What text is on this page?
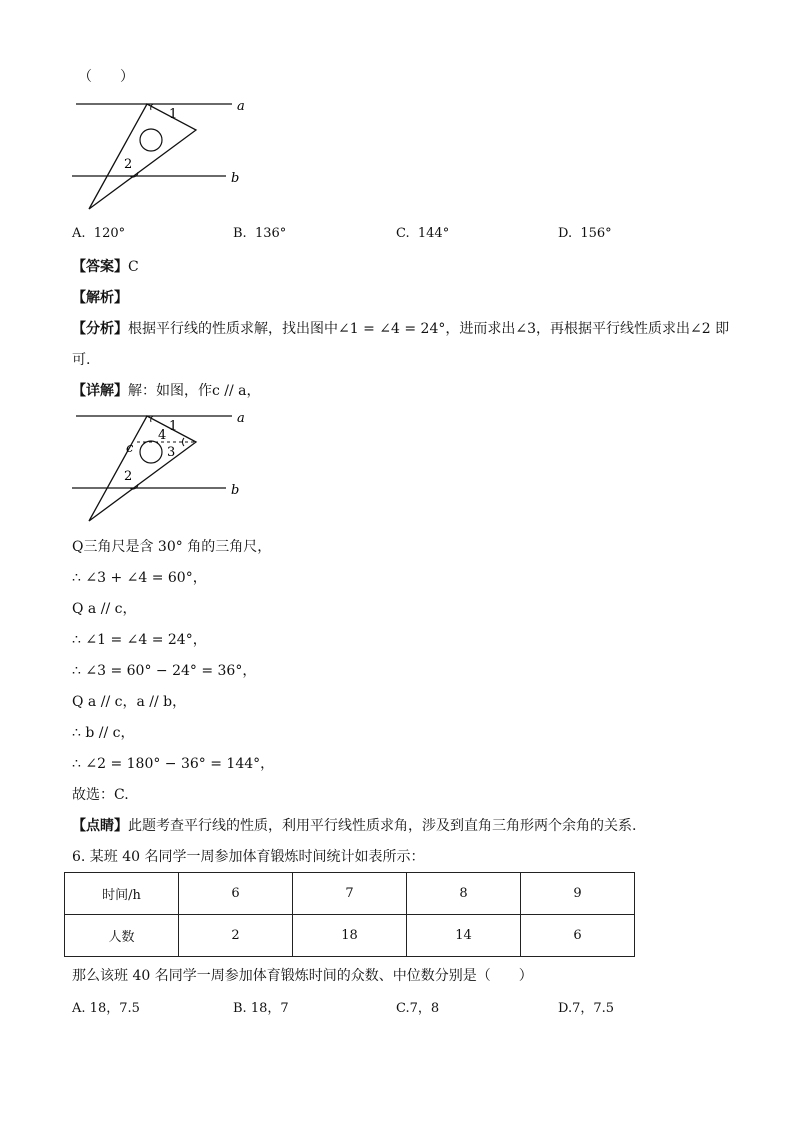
（　　）
1
2
a
b
A. 120°	B. 136°	C. 144°	D. 156°
【答案】C
【解析】
【分析】根据平行线的性质求解，找出图中∠1 = ∠4 = 24°，进而求出∠3，再根据平行线性质求出∠2 即
可.
【详解】解：如图，作c // a，
1
2
3
4
c
a
b
Q三角尺是含 30° 角的三角尺，
∴ ∠3 + ∠4 = 60°，
Q a // c，
∴ ∠1 = ∠4 = 24°，
∴ ∠3 = 60° − 24° = 36°，
Q a // c，a // b，
∴ b // c，
∴ ∠2 = 180° − 36° = 144°，
故选：C.
【点睛】此题考查平行线的性质，利用平行线性质求角，涉及到直角三角形两个余角的关系.
6. 某班 40 名同学一周参加体育锻炼时间统计如表所示：
时间/h	6	7	8	9
人数	2	18	14	6
那么该班 40 名同学一周参加体育锻炼时间的众数、中位数分别是（　　）
A. 18，7.5	B. 18，7	C.7，8	D.7，7.5
